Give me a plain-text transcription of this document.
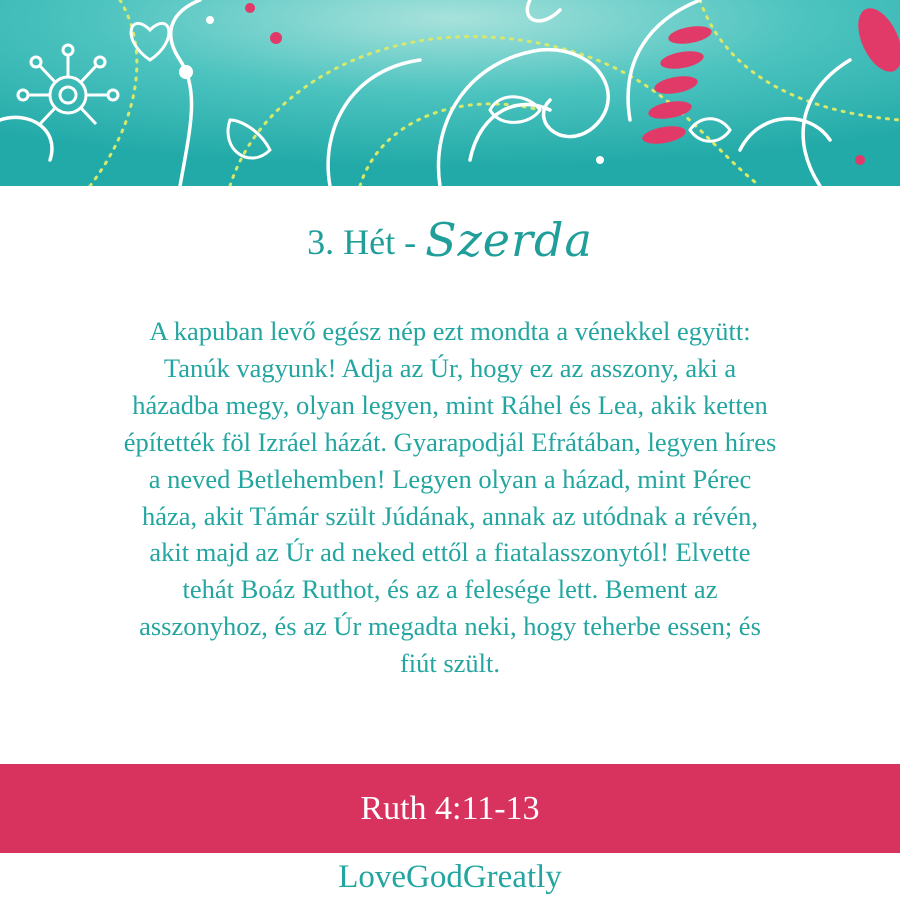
3. Hét - Szerda
A kapuban levő egész nép ezt mondta a vénekkel együtt:
Tanúk vagyunk! Adja az Úr, hogy ez az asszony, aki a
házadba megy, olyan legyen, mint Ráhel és Lea, akik ketten
építették föl Izráel házát. Gyarapodjál Efrátában, legyen híres
a neved Betlehemben! Legyen olyan a házad, mint Pérec
háza, akit Támár szült Júdának, annak az utódnak a révén,
akit majd az Úr ad neked ettől a fiatalasszonytól! Elvette
tehát Boáz Ruthot, és az a felesége lett. Bement az
asszonyhoz, és az Úr megadta neki, hogy teherbe essen; és
fiút szült.
Ruth 4:11-13
LoveGodGreatly
